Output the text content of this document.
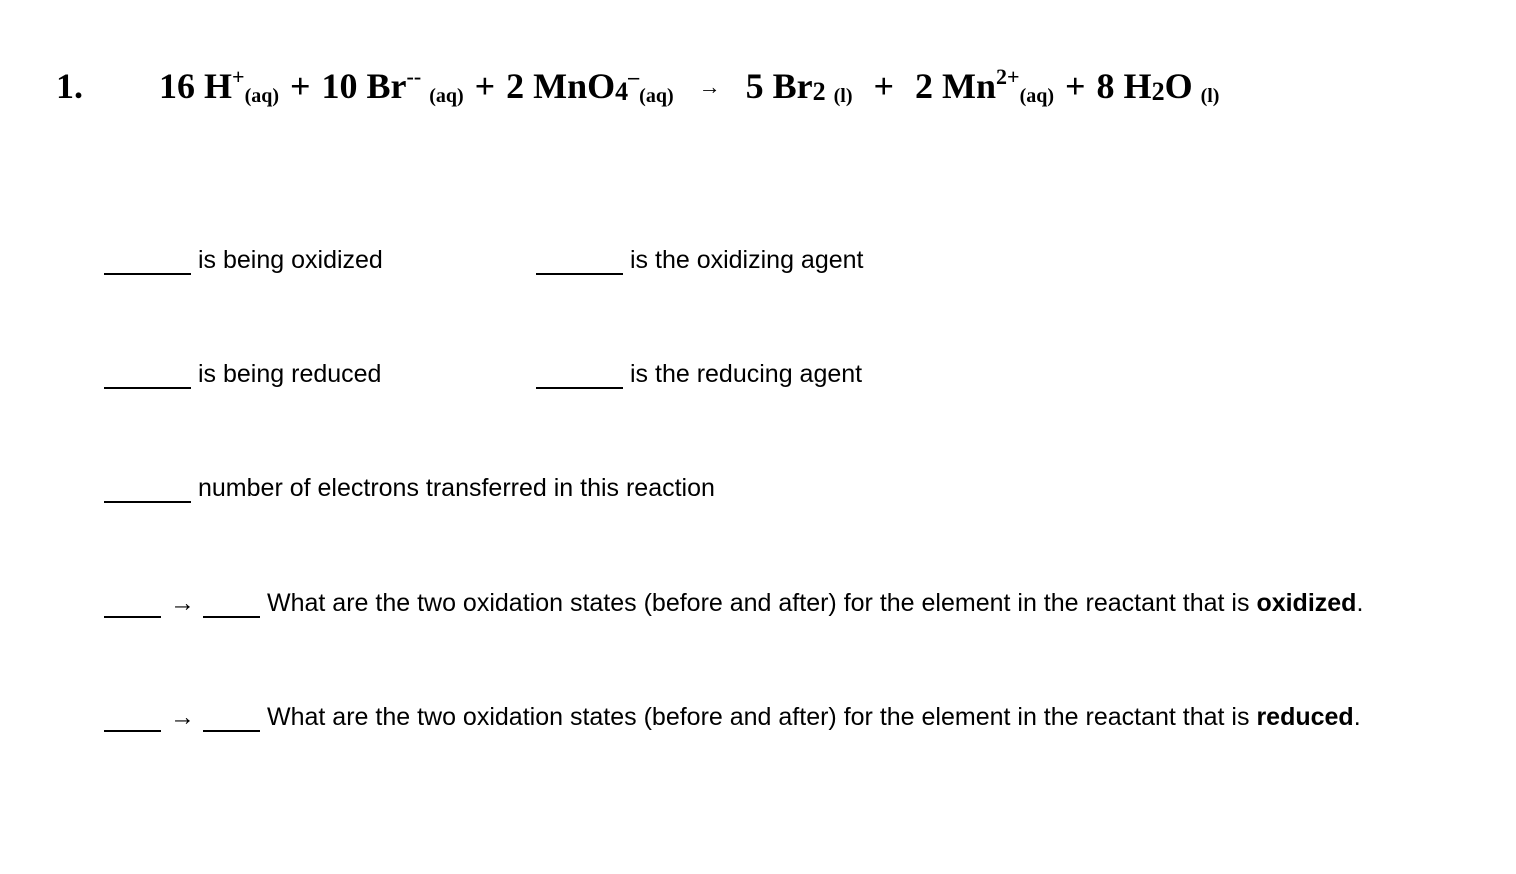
1. 16 H+(aq) + 10 Br--(aq) + 2 MnO4–(aq) → 5 Br2 (l) + 2 $Mn^{2+}(aq) + 8$ H2O (l)
is being oxidized	is the oxidizing agent
is being reduced	is the reducing agent
number of electrons transferred in this reaction
→	What are the two oxidation states (before and after) for the element in the reactant that is oxidized.
→	What are the two oxidation states (before and after) for the element in the reactant that is reduced.
